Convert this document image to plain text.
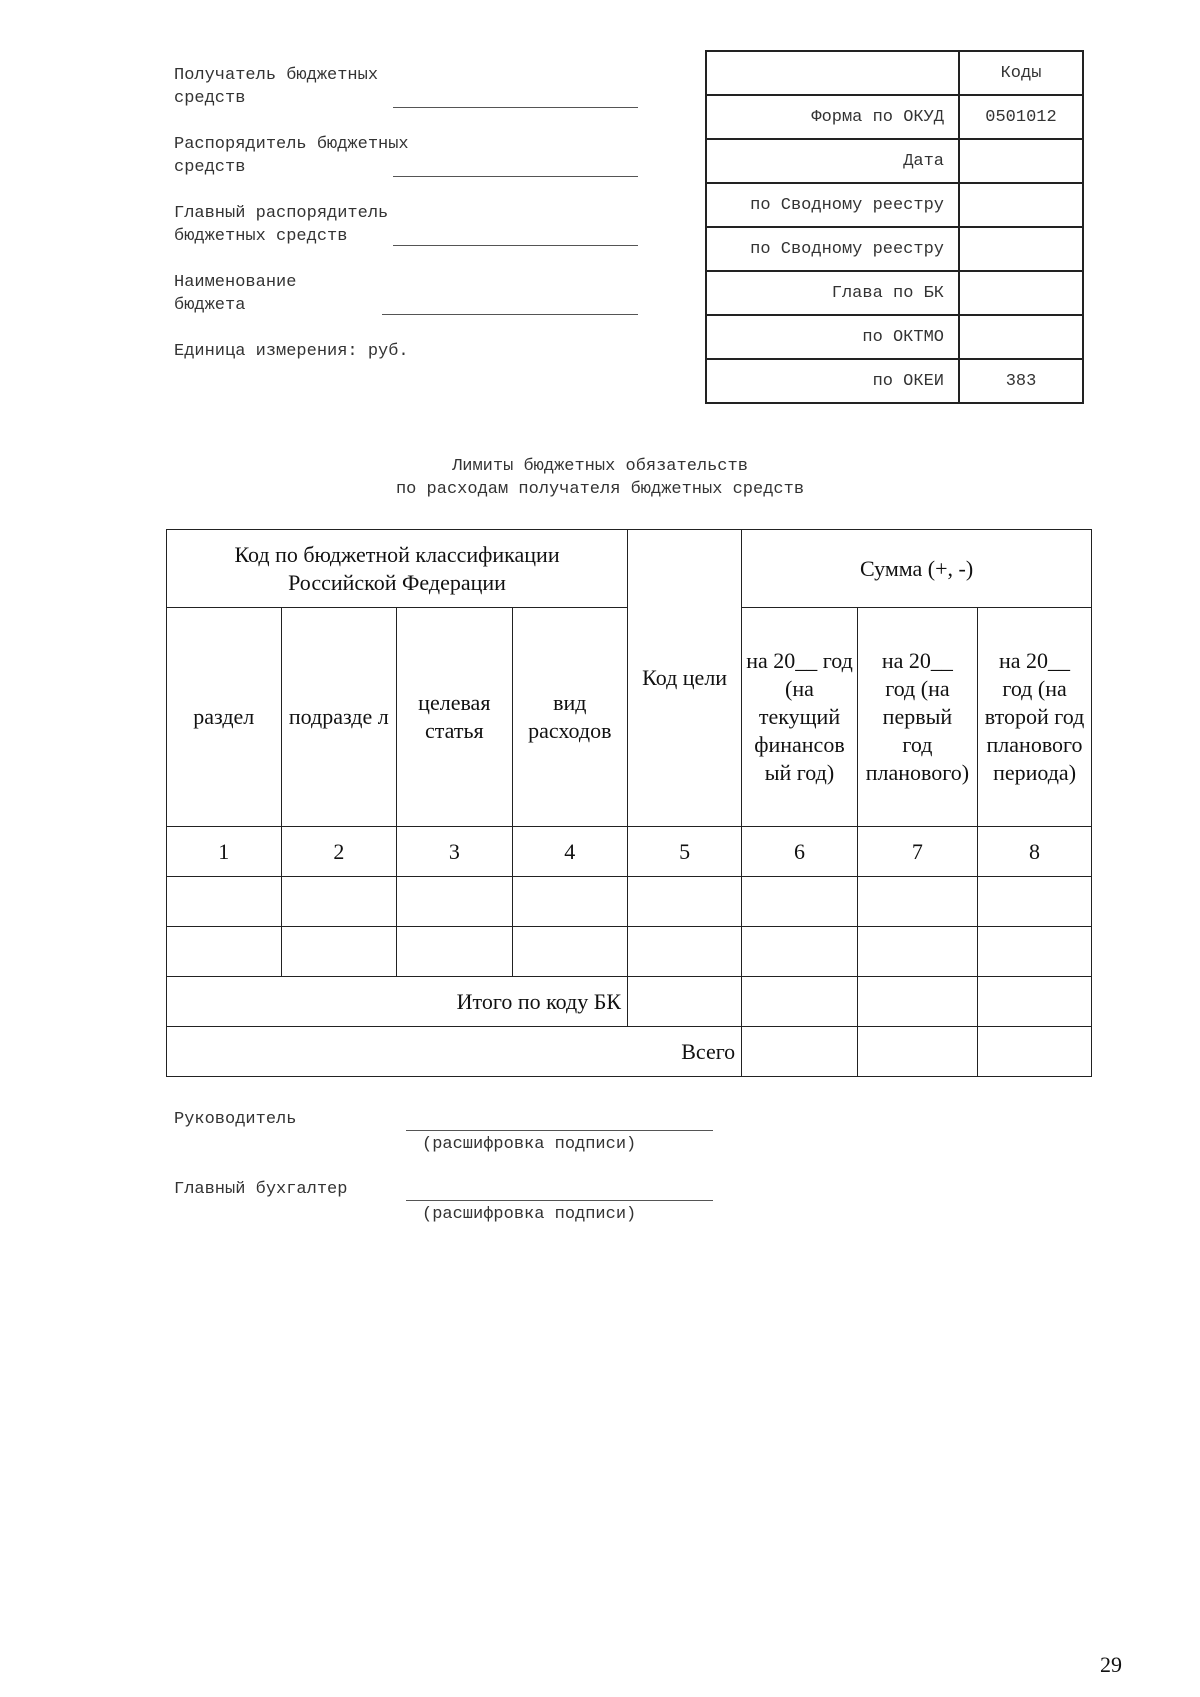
Получатель бюджетных
средств
Распорядитель бюджетных
средств
Главный распорядитель
бюджетных средств
Наименование
бюджета
Единица измерения: руб.
	Коды
Форма по ОКУД	0501012
Дата	
по Сводному реестру	
по Сводному реестру	
Глава по БК	
по ОКТМО	
по ОКЕИ	383
Лимиты бюджетных обязательств
по расходам получателя бюджетных средств
Код по бюджетной классификации Российской Федерации				Код цели	Сумма (+, -)		
раздел	подразде л	целевая статья	вид расходов		на 20__ год (на текущий финансов ый год)	на 20__ год (на первый год планового)	на 20__ год (на второй год планового периода)
1	2	3	4	5	6	7	8

Итого по коду БК							
Всего							
Руководитель
(расшифровка подписи)
Главный бухгалтер
(расшифровка подписи)
29
